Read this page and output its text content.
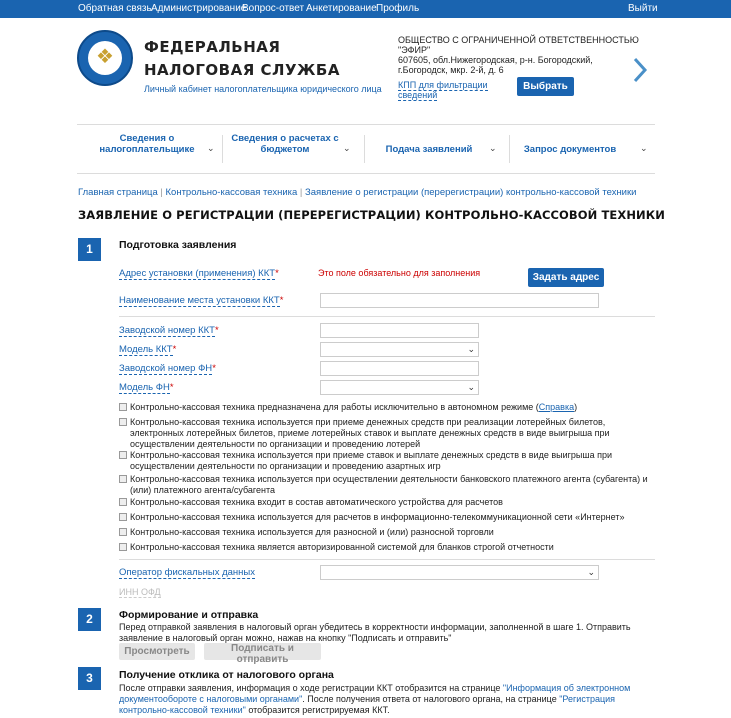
Обратная связь Администрирование
Вопрос-ответ Анкетирование Профиль	Выйти
❖ ФЕДЕРАЛЬНАЯ
НАЛОГОВАЯ СЛУЖБА
Личный кабинет налогоплательщика юридического лица
ОБЩЕСТВО С ОГРАНИЧЕННОЙ ОТВЕТСТВЕННОСТЬЮ
"ЭФИР"
607605, обл.Нижегородская, р-н. Богородский,
г.Богородск, мкр. 2-й, д. 6
КПП для фильтрации
сведений
Выбрать
Сведения о
налогоплательщике	⌄
Сведения о расчетах с
бюджетом	⌄	Подача заявлений	⌄	Запрос документов	⌄
Главная страница | Контрольно-кассовая техника | Заявление о регистрации (перерегистрации) контрольно-кассовой техники
ЗАЯВЛЕНИЕ О РЕГИСТРАЦИИ (ПЕРЕРЕГИСТРАЦИИ) КОНТРОЛЬНО-КАССОВОЙ ТЕХНИКИ
1	Подготовка заявления
Адрес установки (применения) ККТ*	Это поле обязательно для заполнения	Задать адрес
Наименование места установки ККТ*
Заводской номер ККТ*
Модель ККТ*	⌄
Заводской номер ФН*
Модель ФН*	⌄
Контрольно-кассовая техника предназначена для работы исключительно в автономном режиме (Справка)
Контрольно-кассовая техника используется при приеме денежных средств при реализации лотерейных билетов, электронных лотерейных билетов, приеме лотерейных ставок и выплате денежных средств в виде выигрыша при осуществлении деятельности по организации и проведению лотерей
Контрольно-кассовая техника используется при приеме ставок и выплате денежных средств в виде выигрыша при осуществлении деятельности по организации и проведению азартных игр
Контрольно-кассовая техника используется при осуществлении деятельности банковского платежного агента (субагента) и (или) платежного агента/субагента
Контрольно-кассовая техника входит в состав автоматического устройства для расчетов
Контрольно-кассовая техника используется для расчетов в информационно-телекоммуникационной сети «Интернет»
Контрольно-кассовая техника используется для разносной и (или) разносной торговли
Контрольно-кассовая техника является авторизированной системой для бланков строгой отчетности
Оператор фискальных данных	⌄
ИНН ОФД
2	Формирование и отправка
Перед отправкой заявления в налоговый орган убедитесь в корректности информации, заполненной в шаге 1. Отправить заявление в налоговый орган можно, нажав на кнопку "Подписать и отправить"
Просмотреть	Подписать и отправить
3	Получение отклика от налогового органа
После отправки заявления, информация о ходе регистрации ККТ отобразится на странице "Информация об электронном документообороте с налоговыми органами". После получения ответа от налогового органа, на странице "Регистрация контрольно-кассовой техники" отобразится регистрируемая ККТ.
